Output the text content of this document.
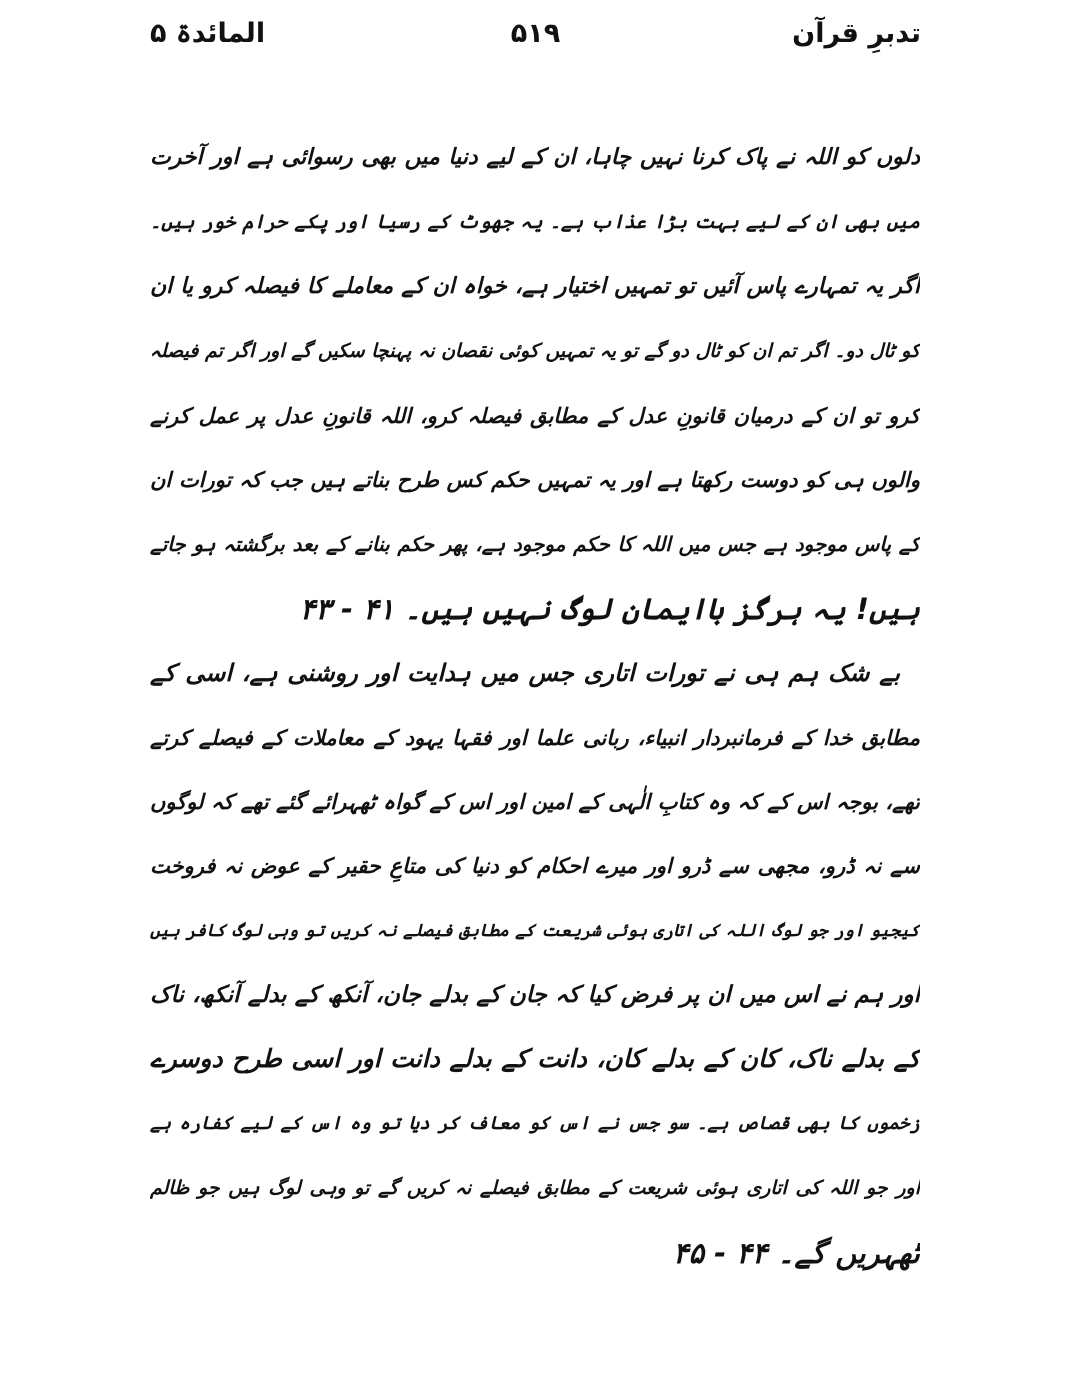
تدبرِ قرآن
۵۱۹
المائدۃ ۵
دلوں کو اللہ نے پاک کرنا نہیں چاہا، ان کے لیے دنیا میں بھی رسوائی ہے اور آخرت
میں بھی ان کے لیے بہت بڑا عذاب ہے۔ یہ جھوٹ کے رسیا اور پکے حرام خور ہیں۔
اگر یہ تمہارے پاس آئیں تو تمہیں اختیار ہے، خواہ ان کے معاملے کا فیصلہ کرو یا ان
کو ٹال دو۔ اگر تم ان کو ٹال دو گے تو یہ تمہیں کوئی نقصان نہ پہنچا سکیں گے اور اگر تم فیصلہ
کرو تو ان کے درمیان قانونِ عدل کے مطابق فیصلہ کرو، اللہ قانونِ عدل پر عمل کرنے
والوں ہی کو دوست رکھتا ہے اور یہ تمہیں حکم کس طرح بناتے ہیں جب کہ تورات ان
کے پاس موجود ہے جس میں اللہ کا حکم موجود ہے، پھر حکم بنانے کے بعد برگشتہ ہو جاتے
ہیں! یہ ہرگز باایمان لوگ نہیں ہیں۔ ۴۱ - ۴۳
بے شک ہم ہی نے تورات اتاری جس میں ہدایت اور روشنی ہے، اسی کے
مطابق خدا کے فرمانبردار انبیاء، ربانی علما اور فقہا یہود کے معاملات کے فیصلے کرتے
تھے، بوجہ اس کے کہ وہ کتابِ الٰہی کے امین اور اس کے گواہ ٹھہرائے گئے تھے کہ لوگوں
سے نہ ڈرو، مجھی سے ڈرو اور میرے احکام کو دنیا کی متاعِ حقیر کے عوض نہ فروخت
کیجیو اور جو لوگ اللہ کی اتاری ہوئی شریعت کے مطابق فیصلے نہ کریں تو وہی لوگ کافر ہیں
اور ہم نے اس میں ان پر فرض کیا کہ جان کے بدلے جان، آنکھ کے بدلے آنکھ، ناک
کے بدلے ناک، کان کے بدلے کان، دانت کے بدلے دانت اور اسی طرح دوسرے
زخموں کا بھی قصاص ہے۔ سو جس نے اس کو معاف کر دیا تو وہ اس کے لیے کفارہ ہے
اور جو اللہ کی اتاری ہوئی شریعت کے مطابق فیصلے نہ کریں گے تو وہی لوگ ہیں جو ظالم
ٹھہریں گے۔ ۴۴ - ۴۵
